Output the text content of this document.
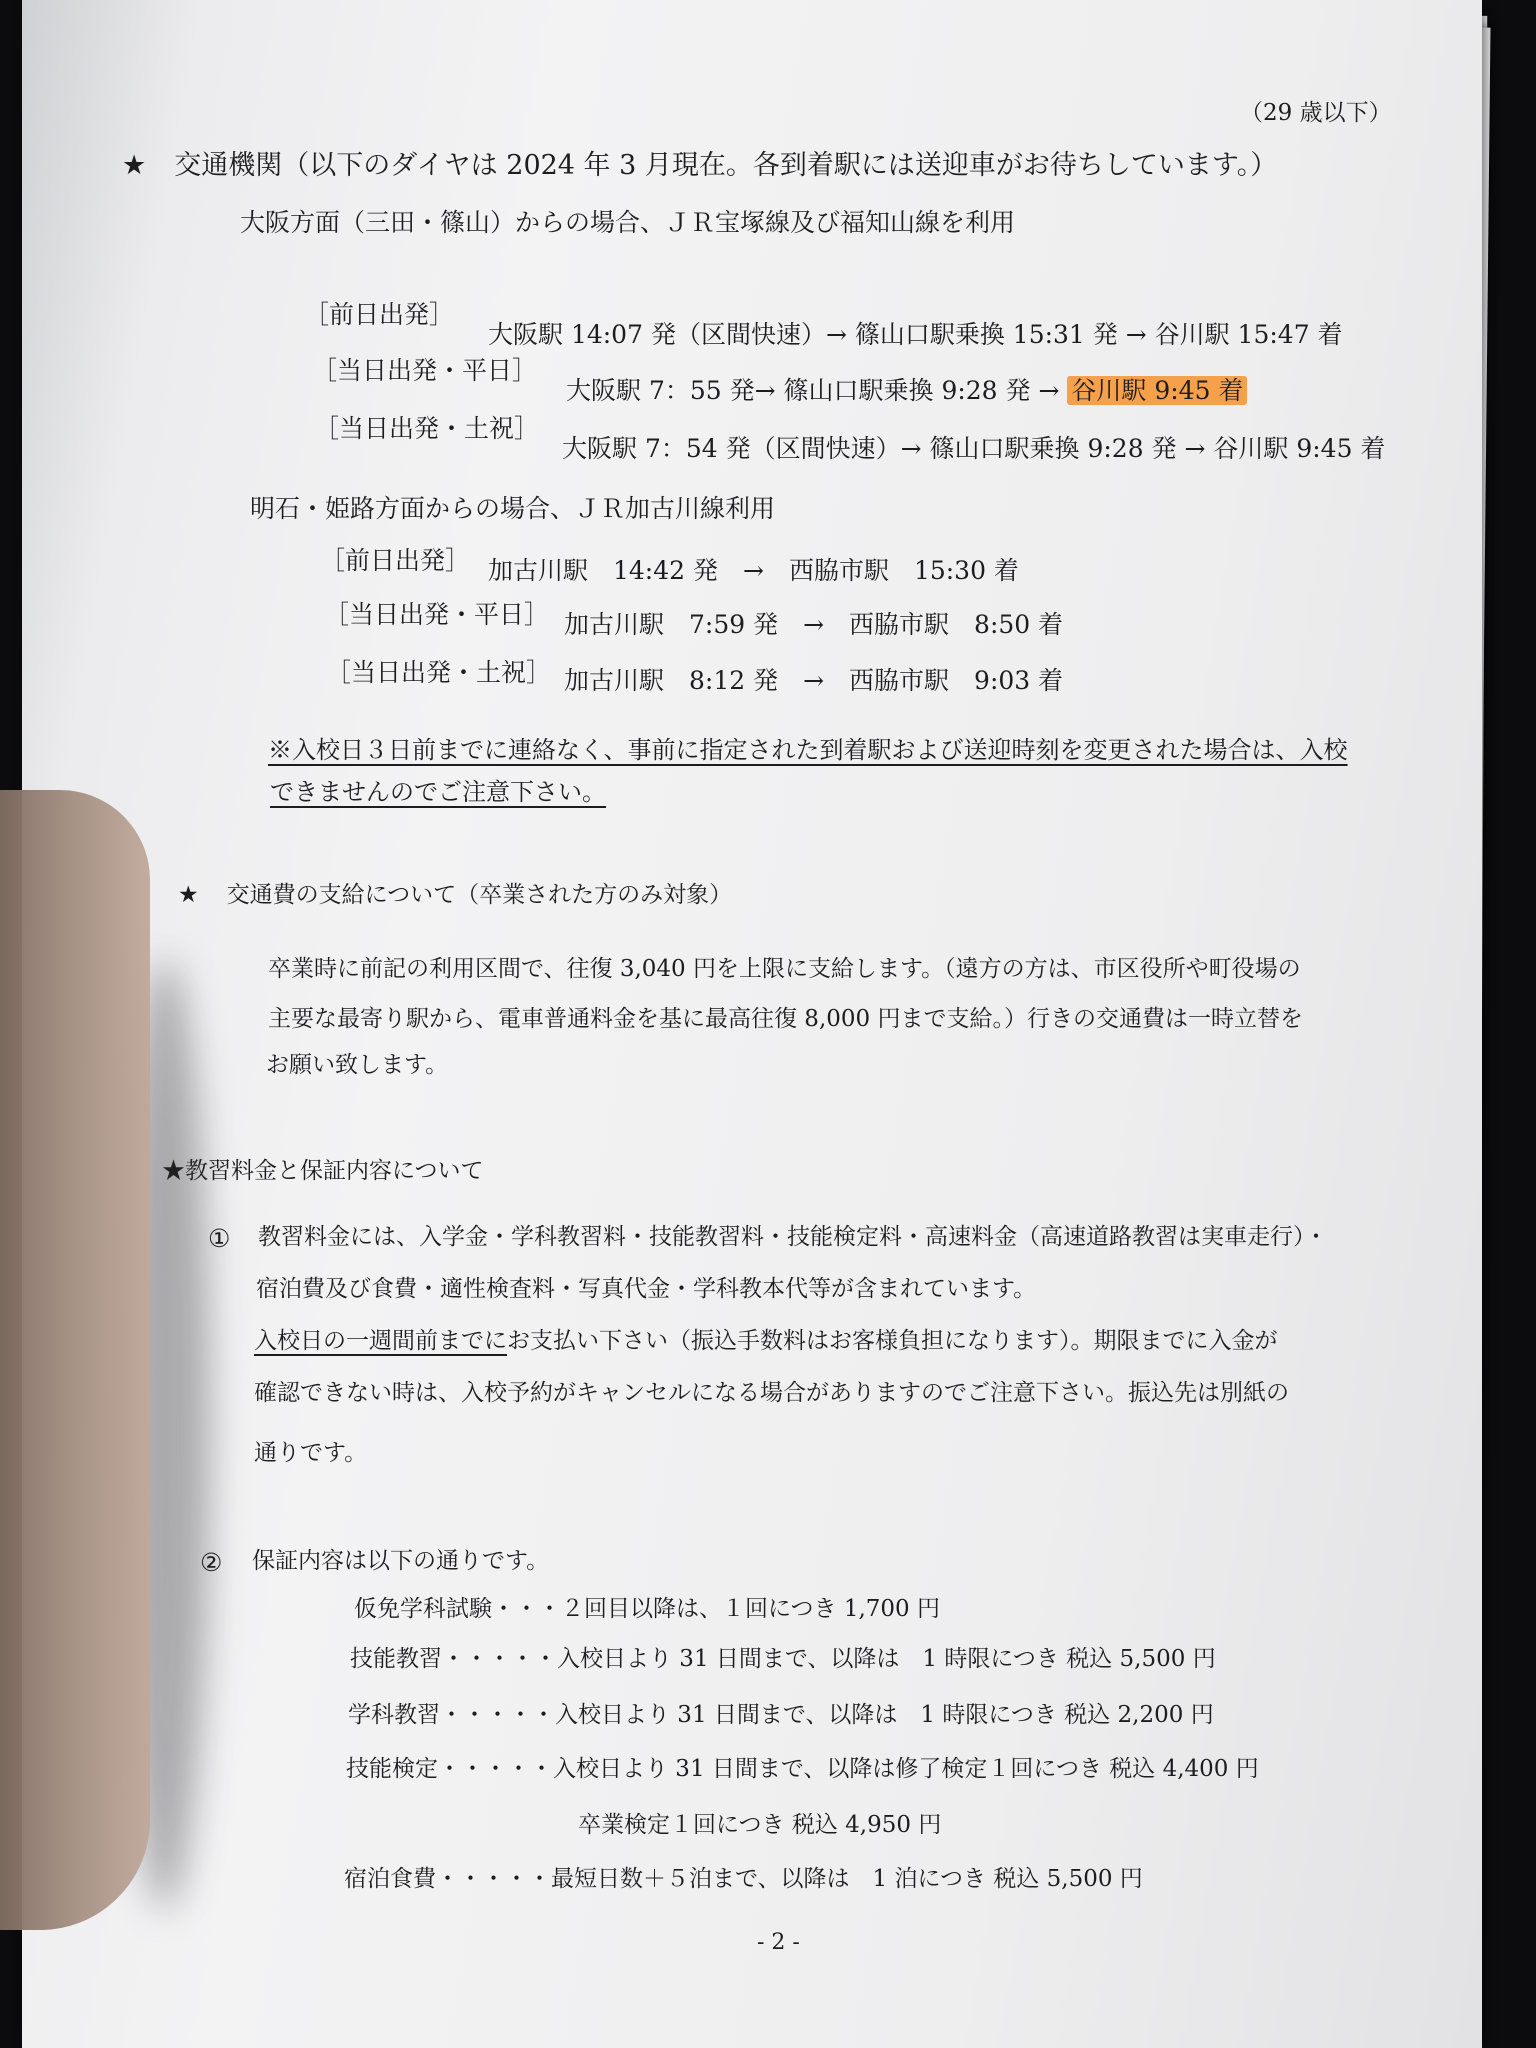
（29 歳以下）
★ 交通機関（以下のダイヤは 2024 年 3 月現在。各到着駅には送迎車がお待ちしています。）
大阪方面（三田・篠山）からの場合、ＪＲ宝塚線及び福知山線を利用
［前日出発］
大阪駅 14:07 発（区間快速）→ 篠山口駅乗換 15:31 発 → 谷川駅 15:47 着
［当日出発・平日］
大阪駅 7：55 発→ 篠山口駅乗換 9:28 発 → 谷川駅 9:45 着
［当日出発・土祝］
大阪駅 7：54 発（区間快速）→ 篠山口駅乗換 9:28 発 → 谷川駅 9:45 着
明石・姫路方面からの場合、ＪＲ加古川線利用
［前日出発］ 加古川駅　14:42 発　→　西脇市駅　15:30 着
［当日出発・平日］ 加古川駅　7:59 発　→　西脇市駅　8:50 着
［当日出発・土祝］ 加古川駅　8:12 発　→　西脇市駅　9:03 着
※入校日３日前までに連絡なく、事前に指定された到着駅および送迎時刻を変更された場合は、入校
できませんのでご注意下さい。
★ 交通費の支給について（卒業された方のみ対象）
卒業時に前記の利用区間で、往復 3,040 円を上限に支給します。（遠方の方は、市区役所や町役場の
主要な最寄り駅から、電車普通料金を基に最高往復 8,000 円まで支給。）行きの交通費は一時立替を
お願い致します。
★教習料金と保証内容について
① 教習料金には、入学金・学科教習料・技能教習料・技能検定料・高速料金（高速道路教習は実車走行）・
宿泊費及び食費・適性検査料・写真代金・学科教本代等が含まれています。
入校日の一週間前までにお支払い下さい（振込手数料はお客様負担になります）。期限までに入金が
確認できない時は、入校予約がキャンセルになる場合がありますのでご注意下さい。振込先は別紙の
通りです。
② 保証内容は以下の通りです。
仮免学科試験・・・２回目以降は、１回につき 1,700 円
技能教習・・・・・入校日より 31 日間まで、以降は　1 時限につき 税込 5,500 円
学科教習・・・・・入校日より 31 日間まで、以降は　1 時限につき 税込 2,200 円
技能検定・・・・・入校日より 31 日間まで、以降は修了検定１回につき 税込 4,400 円
卒業検定１回につき 税込 4,950 円
宿泊食費・・・・・最短日数＋５泊まで、以降は　1 泊につき 税込 5,500 円
- 2 -
